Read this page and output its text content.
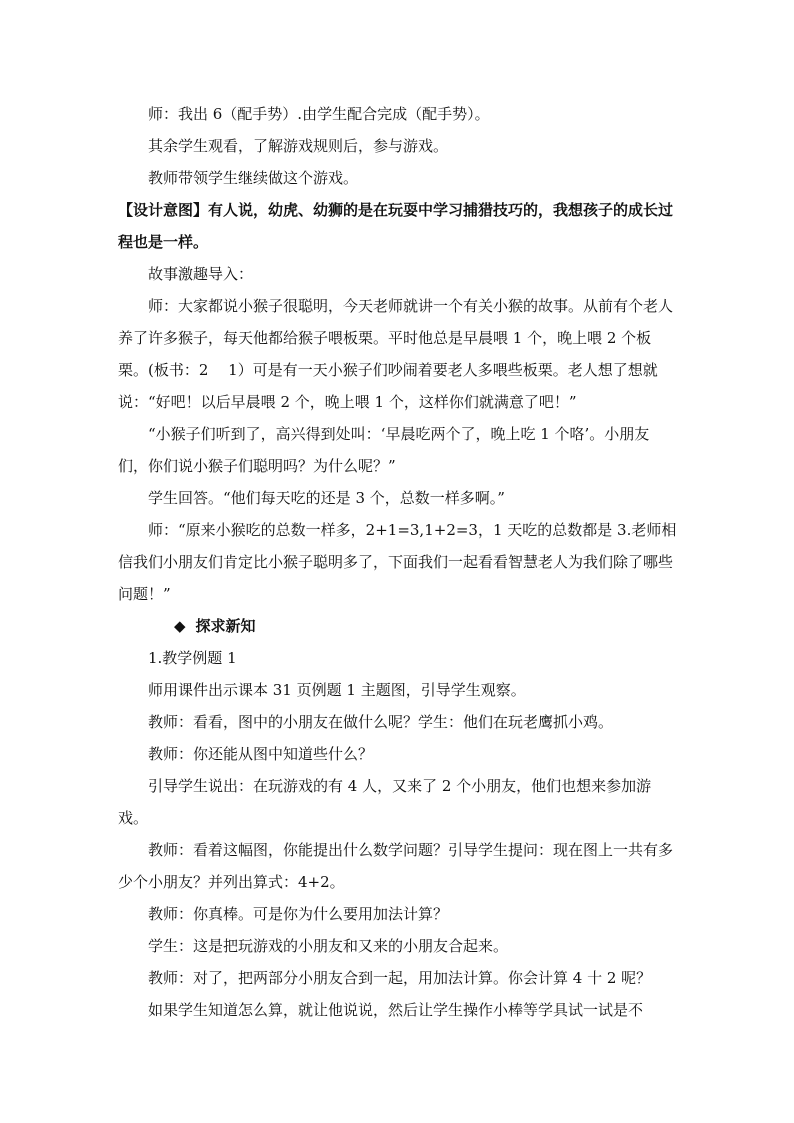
师：我出 6（配手势）.由学生配合完成（配手势）。

其余学生观看，了解游戏规则后，参与游戏。

教师带领学生继续做这个游戏。

【设计意图】有人说，幼虎、幼狮的是在玩耍中学习捕猎技巧的，我想孩子的成长过程也是一样。

故事激趣导入：

师：大家都说小猴子很聪明，今天老师就讲一个有关小猴的故事。从前有个老人养了许多猴子，每天他都给猴子喂板栗。平时他总是早晨喂 1 个，晚上喂 2 个板栗。(板书：2　 1）可是有一天小猴子们吵闹着要老人多喂些板栗。老人想了想就说：“好吧！以后早晨喂 2 个，晚上喂 1 个，这样你们就满意了吧！”

“小猴子们听到了，高兴得到处叫：‘早晨吃两个了，晚上吃 1 个咯’。小朋友们，你们说小猴子们聪明吗？为什么呢？”

学生回答。“他们每天吃的还是 3 个，总数一样多啊。”

师：“原来小猴吃的总数一样多，2+1=3,1+2=3，1 天吃的总数都是 3.老师相信我们小朋友们肯定比小猴子聪明多了，下面我们一起看看智慧老人为我们除了哪些问题！”

◆ 探求新知

1.教学例题 1

师用课件出示课本 31 页例题 1 主题图，引导学生观察。

教师：看看，图中的小朋友在做什么呢？学生：他们在玩老鹰抓小鸡。

教师：你还能从图中知道些什么？

引导学生说出：在玩游戏的有 4 人，又来了 2 个小朋友，他们也想来参加游戏。

教师：看着这幅图，你能提出什么数学问题？引导学生提问：现在图上一共有多少个小朋友？并列出算式：4+2。

教师：你真棒。可是你为什么要用加法计算？

学生：这是把玩游戏的小朋友和又来的小朋友合起来。

教师：对了，把两部分小朋友合到一起，用加法计算。你会计算 4 十 2 呢？

如果学生知道怎么算，就让他说说，然后让学生操作小棒等学具试一试是不
